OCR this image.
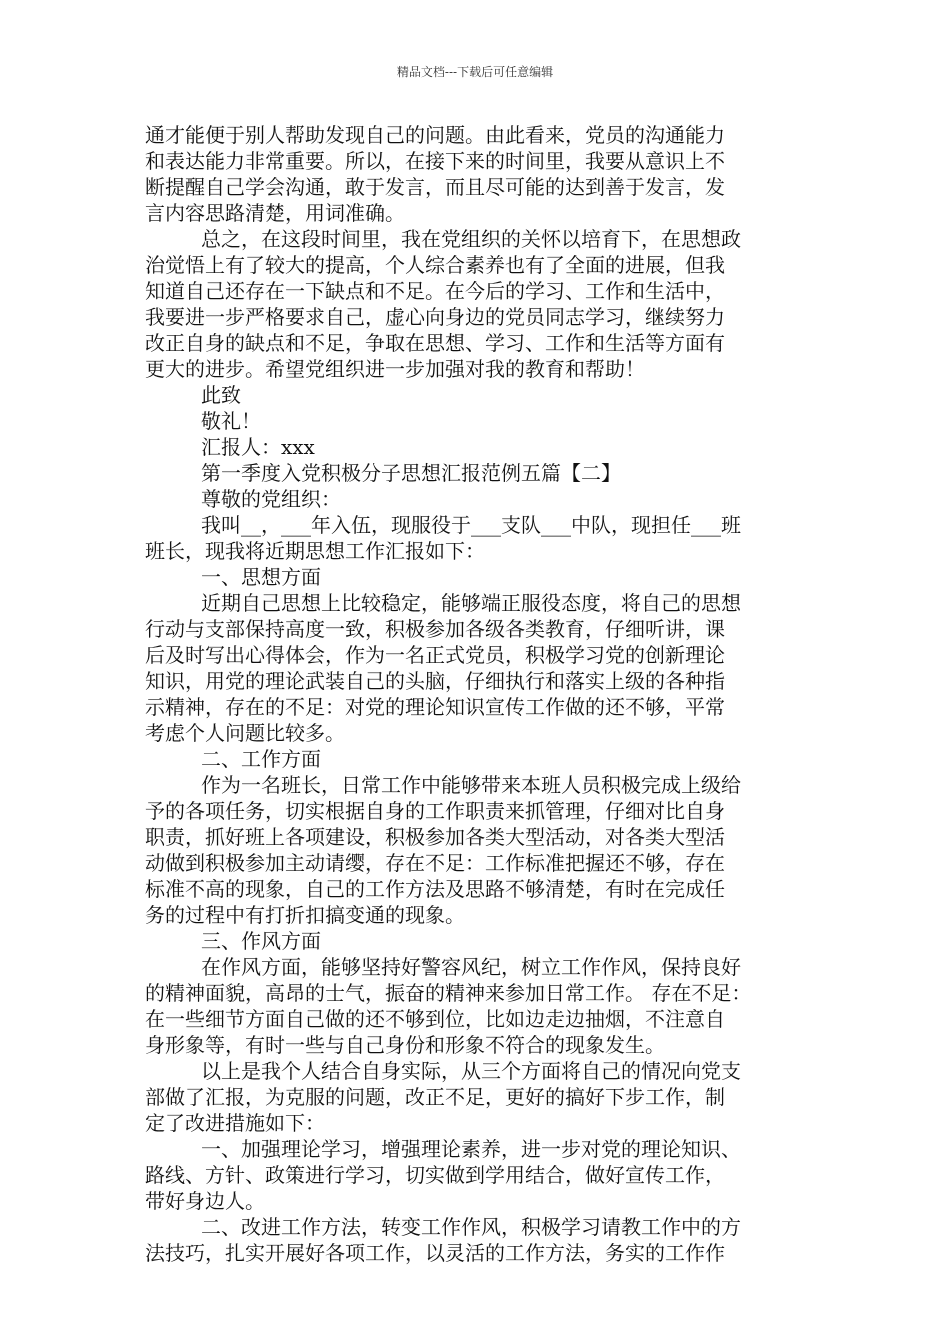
精品文档---下载后可任意编辑
通才能便于别人帮助发现自己的问题。由此看来，党员的沟通能力
和表达能力非常重要。所以，在接下来的时间里，我要从意识上不
断提醒自己学会沟通，敢于发言，而且尽可能的达到善于发言，发
言内容思路清楚，用词准确。
总之，在这段时间里，我在党组织的关怀以培育下，在思想政
治觉悟上有了较大的提高，个人综合素养也有了全面的进展，但我
知道自己还存在一下缺点和不足。在今后的学习、工作和生活中，
我要进一步严格要求自己，虚心向身边的党员同志学习，继续努力
改正自身的缺点和不足，争取在思想、学习、工作和生活等方面有
更大的进步。希望党组织进一步加强对我的教育和帮助！
此致
敬礼！
汇报人：xxx
第一季度入党积极分子思想汇报范例五篇【二】
尊敬的党组织：
我叫__，___年入伍，现服役于___支队___中队，现担任___班
班长，现我将近期思想工作汇报如下：
一、思想方面
近期自己思想上比较稳定，能够端正服役态度，将自己的思想
行动与支部保持高度一致，积极参加各级各类教育，仔细听讲，课
后及时写出心得体会，作为一名正式党员，积极学习党的创新理论
知识，用党的理论武装自己的头脑，仔细执行和落实上级的各种指
示精神，存在的不足：对党的理论知识宣传工作做的还不够，平常
考虑个人问题比较多。
二、工作方面
作为一名班长，日常工作中能够带来本班人员积极完成上级给
予的各项任务，切实根据自身的工作职责来抓管理，仔细对比自身
职责，抓好班上各项建设，积极参加各类大型活动，对各类大型活
动做到积极参加主动请缨，存在不足：工作标准把握还不够，存在
标准不高的现象，自己的工作方法及思路不够清楚，有时在完成任
务的过程中有打折扣搞变通的现象。
三、作风方面
在作风方面，能够坚持好警容风纪，树立工作作风，保持良好
的精神面貌，高昂的士气，振奋的精神来参加日常工作。 存在不足：
在一些细节方面自己做的还不够到位，比如边走边抽烟，不注意自
身形象等，有时一些与自己身份和形象不符合的现象发生。
以上是我个人结合自身实际，从三个方面将自己的情况向党支
部做了汇报，为克服的问题，改正不足，更好的搞好下步工作，制
定了改进措施如下：
一、加强理论学习，增强理论素养，进一步对党的理论知识、
路线、方针、政策进行学习，切实做到学用结合，做好宣传工作，
带好身边人。
二、改进工作方法，转变工作作风，积极学习请教工作中的方
法技巧，扎实开展好各项工作，以灵活的工作方法，务实的工作作
